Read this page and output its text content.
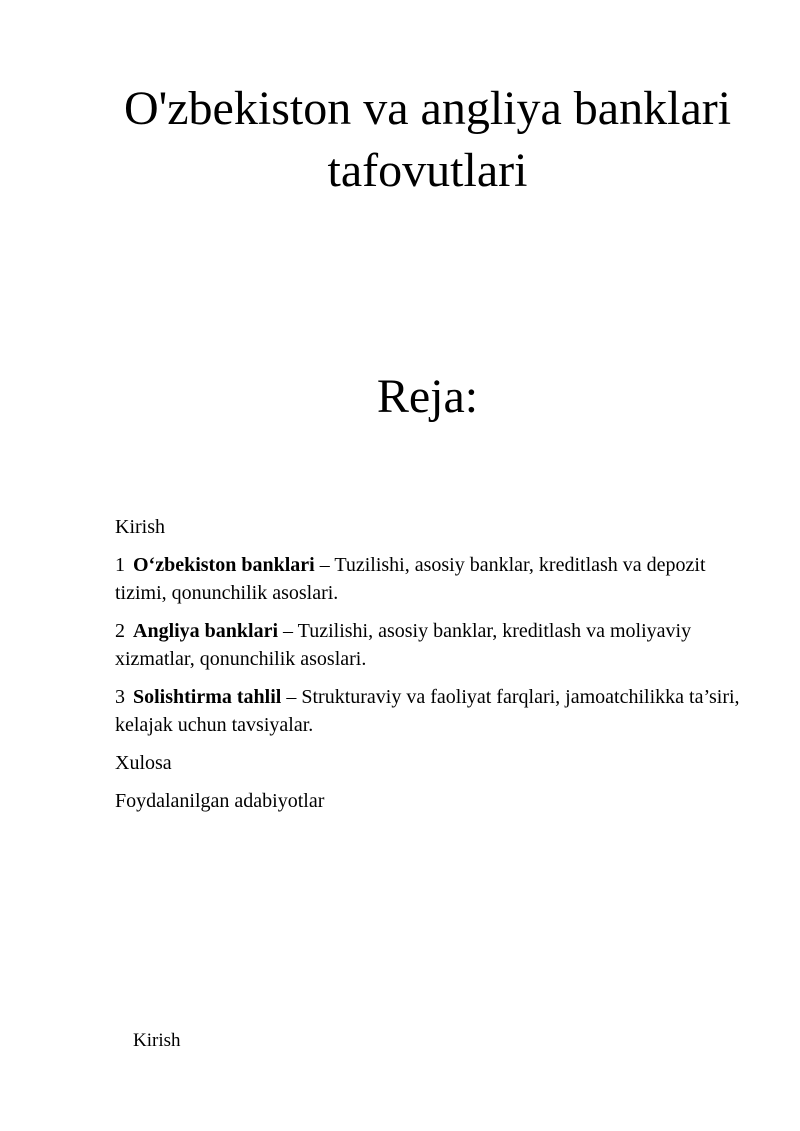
O'zbekiston va angliya banklari tafovutlari
Reja:

Kirish

1 O‘zbekiston banklari – Tuzilishi, asosiy banklar, kreditlash va depozit tizimi, qonunchilik asoslari.

2 Angliya banklari – Tuzilishi, asosiy banklar, kreditlash va moliyaviy xizmatlar, qonunchilik asoslari.

3 Solishtirma tahlil – Strukturaviy va faoliyat farqlari, jamoatchilikka ta’siri, kelajak uchun tavsiyalar.

Xulosa

Foydalanilgan adabiyotlar

Kirish
